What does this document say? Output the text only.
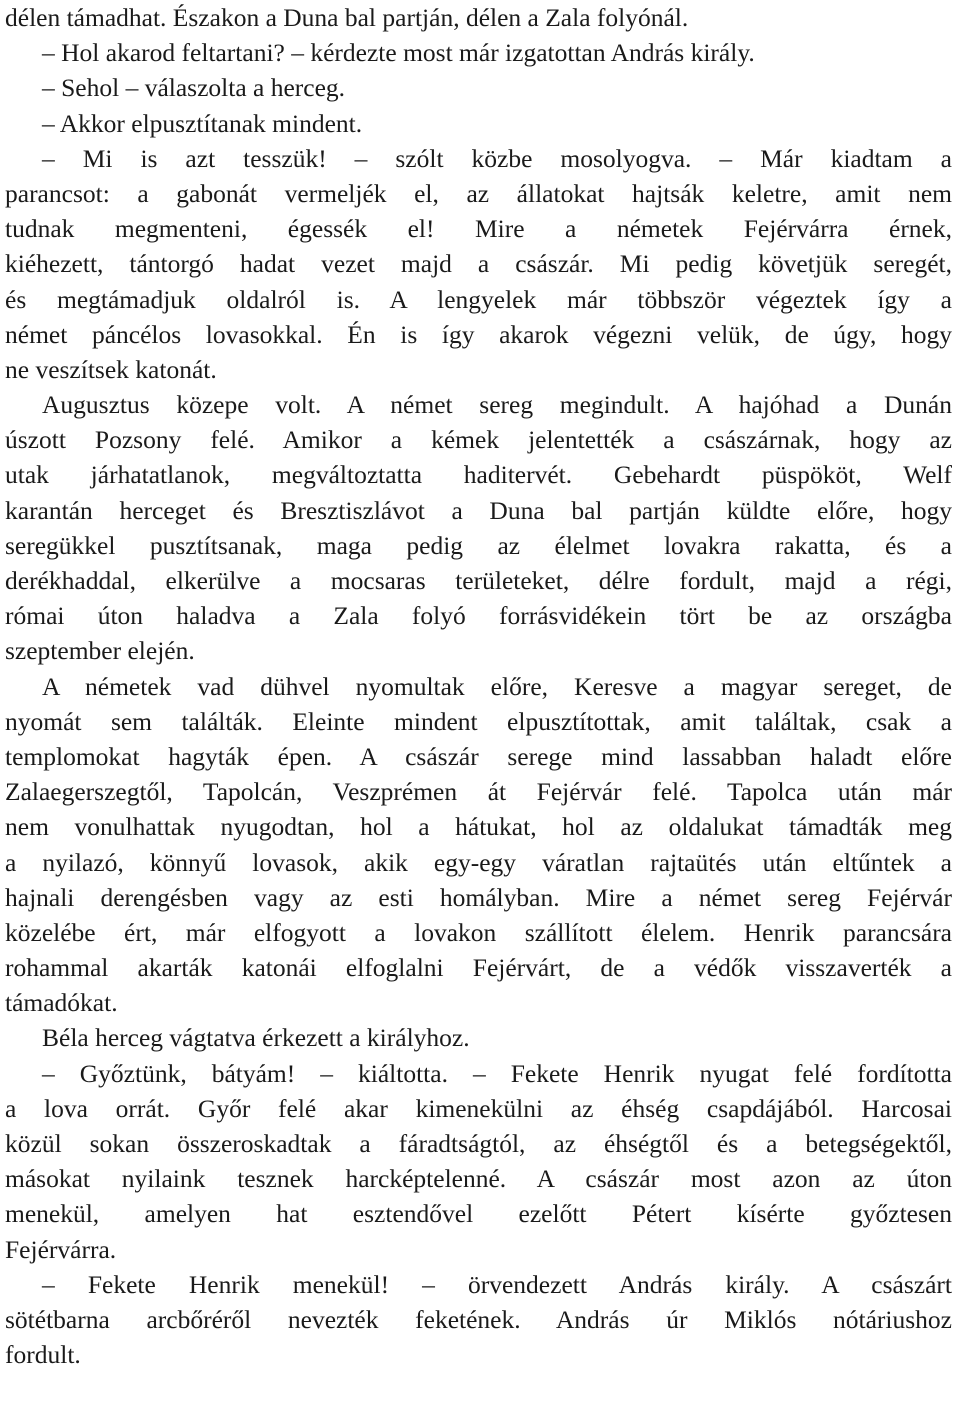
délen támadhat. Északon a Duna bal partján, délen a Zala folyónál.
– Hol akarod feltartani? – kérdezte most már izgatottan András király.
– Sehol – válaszolta a herceg.
– Akkor elpusztítanak mindent.
– Mi is azt tesszük! – szólt közbe mosolyogva. – Már kiadtam a
parancsot: a gabonát vermeljék el, az állatokat hajtsák keletre, amit nem
tudnak megmenteni, égessék el! Mire a németek Fejérvárra érnek,
kiéhezett, tántorgó hadat vezet majd a császár. Mi pedig követjük seregét,
és megtámadjuk oldalról is. A lengyelek már többször végeztek így a
német páncélos lovasokkal. Én is így akarok végezni velük, de úgy, hogy
ne veszítsek katonát.
Augusztus közepe volt. A német sereg megindult. A hajóhad a Dunán
úszott Pozsony felé. Amikor a kémek jelentették a császárnak, hogy az
utak járhatatlanok, megváltoztatta haditervét. Gebehardt püspököt, Welf
karantán herceget és Bresztiszlávot a Duna bal partján küldte előre, hogy
seregükkel pusztítsanak, maga pedig az élelmet lovakra rakatta, és a
derékhaddal, elkerülve a mocsaras területeket, délre fordult, majd a régi,
római úton haladva a Zala folyó forrásvidékein tört be az országba
szeptember elején.
A németek vad dühvel nyomultak előre, Keresve a magyar sereget, de
nyomát sem találták. Eleinte mindent elpusztítottak, amit találtak, csak a
templomokat hagyták épen. A császár serege mind lassabban haladt előre
Zalaegerszegtől, Tapolcán, Veszprémen át Fejérvár felé. Tapolca után már
nem vonulhattak nyugodtan, hol a hátukat, hol az oldalukat támadták meg
a nyilazó, könnyű lovasok, akik egy-egy váratlan rajtaütés után eltűntek a
hajnali derengésben vagy az esti homályban. Mire a német sereg Fejérvár
közelébe ért, már elfogyott a lovakon szállított élelem. Henrik parancsára
rohammal akarták katonái elfoglalni Fejérvárt, de a védők visszaverték a
támadókat.
Béla herceg vágtatva érkezett a királyhoz.
– Győztünk, bátyám! – kiáltotta. – Fekete Henrik nyugat felé fordította
a lova orrát. Győr felé akar kimenekülni az éhség csapdájából. Harcosai
közül sokan összeroskadtak a fáradtságtól, az éhségtől és a betegségektől,
másokat nyilaink tesznek harcképtelenné. A császár most azon az úton
menekül, amelyen hat esztendővel ezelőtt Pétert kísérte győztesen
Fejérvárra.
– Fekete Henrik menekül! – örvendezett András király. A császárt
sötétbarna arcbőréről nevezték feketének. András úr Miklós nótáriushoz
fordult.
